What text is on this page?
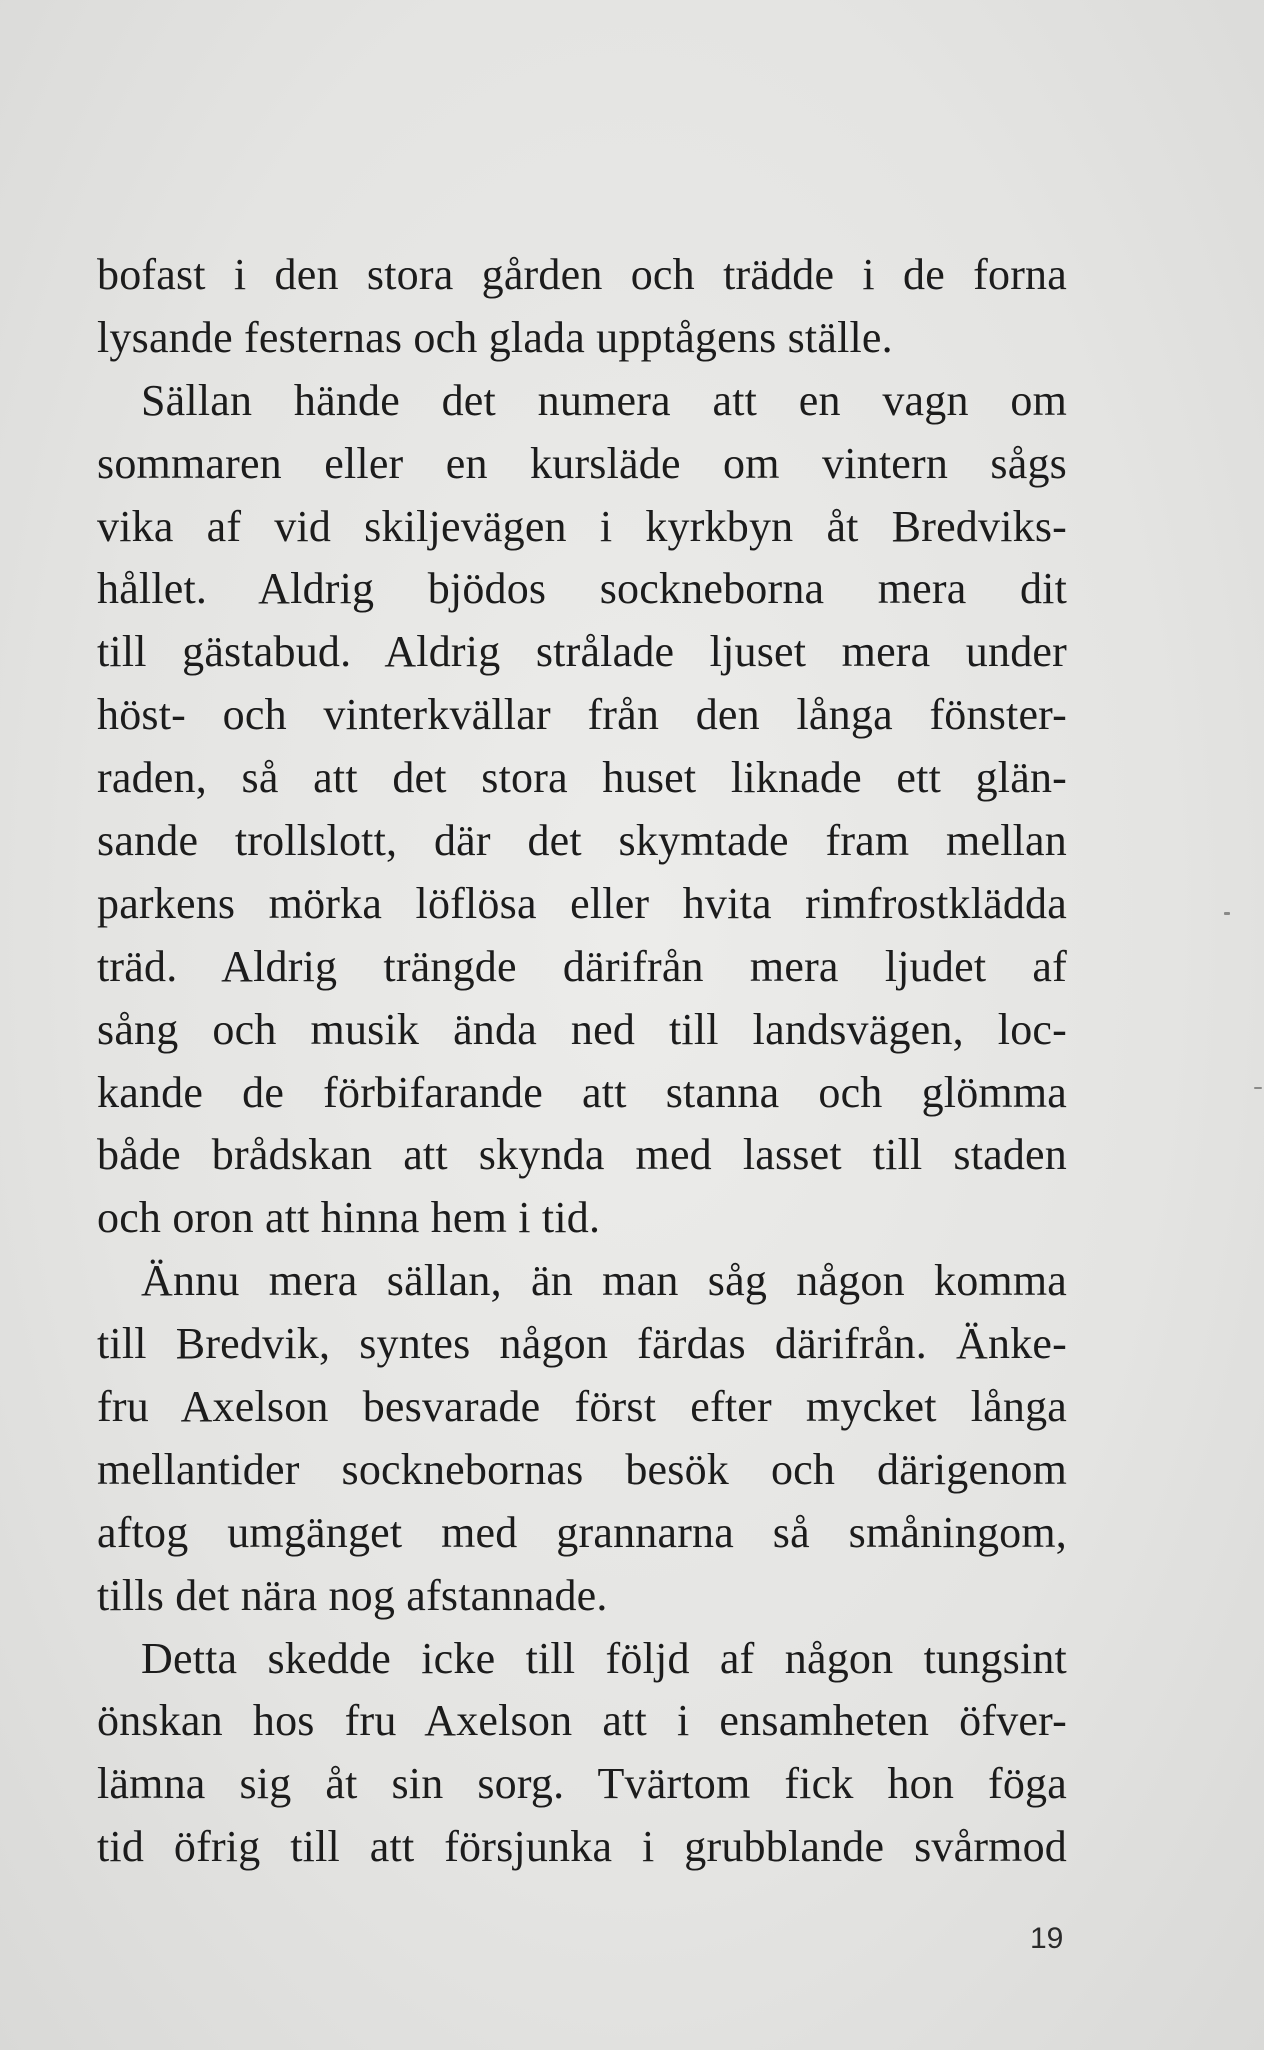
bofast i den stora gården och trädde i de forna
lysande festernas och glada upptågens ställe.
Sällan hände det numera att en vagn om
sommaren eller en kursläde om vintern sågs
vika af vid skiljevägen i kyrkbyn åt Bredviks-
hållet. Aldrig bjödos sockneborna mera dit
till gästabud. Aldrig strålade ljuset mera under
höst- och vinterkvällar från den långa fönster-
raden, så att det stora huset liknade ett glän-
sande trollslott, där det skymtade fram mellan
parkens mörka löflösa eller hvita rimfrostklädda
träd. Aldrig trängde därifrån mera ljudet af
sång och musik ända ned till landsvägen, loc-
kande de förbifarande att stanna och glömma
både brådskan att skynda med lasset till staden
och oron att hinna hem i tid.
Ännu mera sällan, än man såg någon komma
till Bredvik, syntes någon färdas därifrån. Änke-
fru Axelson besvarade först efter mycket långa
mellantider socknebornas besök och därigenom
aftog umgänget med grannarna så småningom,
tills det nära nog afstannade.
Detta skedde icke till följd af någon tungsint
önskan hos fru Axelson att i ensamheten öfver-
lämna sig åt sin sorg. Tvärtom fick hon föga
tid öfrig till att försjunka i grubblande svårmod
19
